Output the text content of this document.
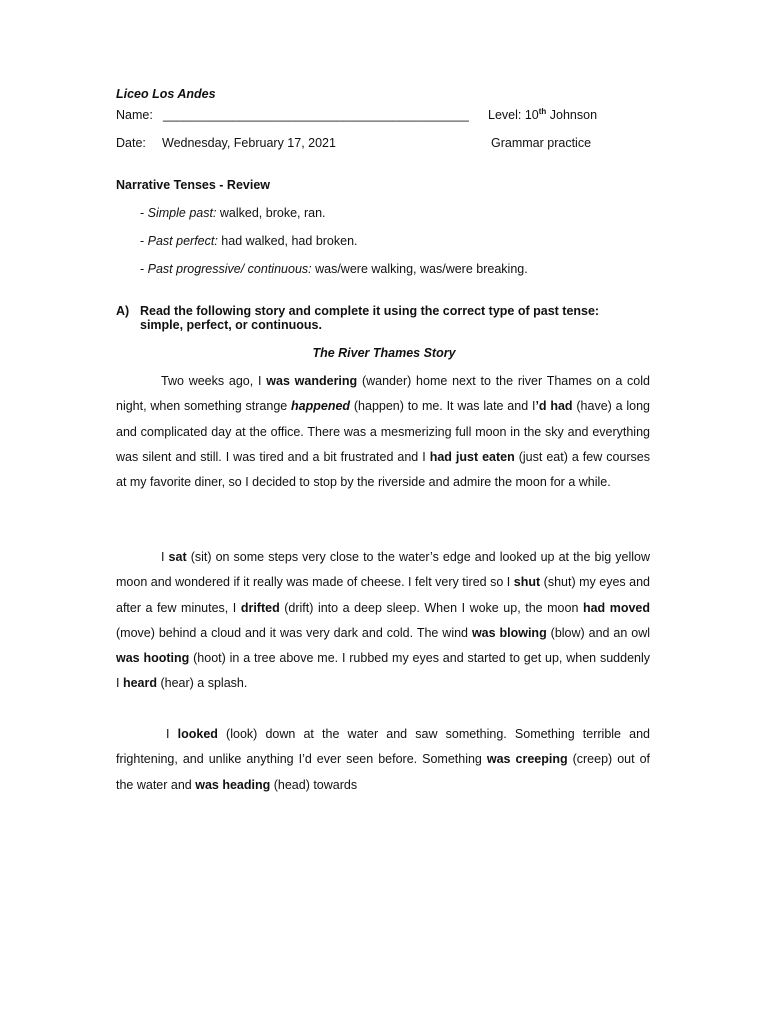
Liceo Los Andes
Name: ____________________________________________ Level: 10th Johnson
Date: Wednesday, February 17, 2021	Grammar practice
Narrative Tenses - Review
- Simple past: walked, broke, ran.
- Past perfect: had walked, had broken.
- Past progressive/ continuous: was/were walking, was/were breaking.
A) Read the following story and complete it using the correct type of past tense:
simple, perfect, or continuous.
The River Thames Story
Two weeks ago, I was wandering (wander) home next to the river Thames on a cold night, when something strange happened (happen) to me. It was late and I’d had (have) a long and complicated day at the office. There was a mesmerizing full moon in the sky and everything was silent and still. I was tired and a bit frustrated and I had just eaten (just eat) a few courses at my favorite diner, so I decided to stop by the riverside and admire the moon for a while.
I sat (sit) on some steps very close to the water’s edge and looked up at the big yellow moon and wondered if it really was made of cheese. I felt very tired so I shut (shut) my eyes and after a few minutes, I drifted (drift) into a deep sleep. When I woke up, the moon had moved (move) behind a cloud and it was very dark and cold. The wind was blowing (blow) and an owl was hooting (hoot) in a tree above me. I rubbed my eyes and started to get up, when suddenly I heard (hear) a splash.
I looked (look) down at the water and saw something. Something terrible and frightening, and unlike anything I’d ever seen before. Something was creeping (creep) out of the water and was heading (head) towards
